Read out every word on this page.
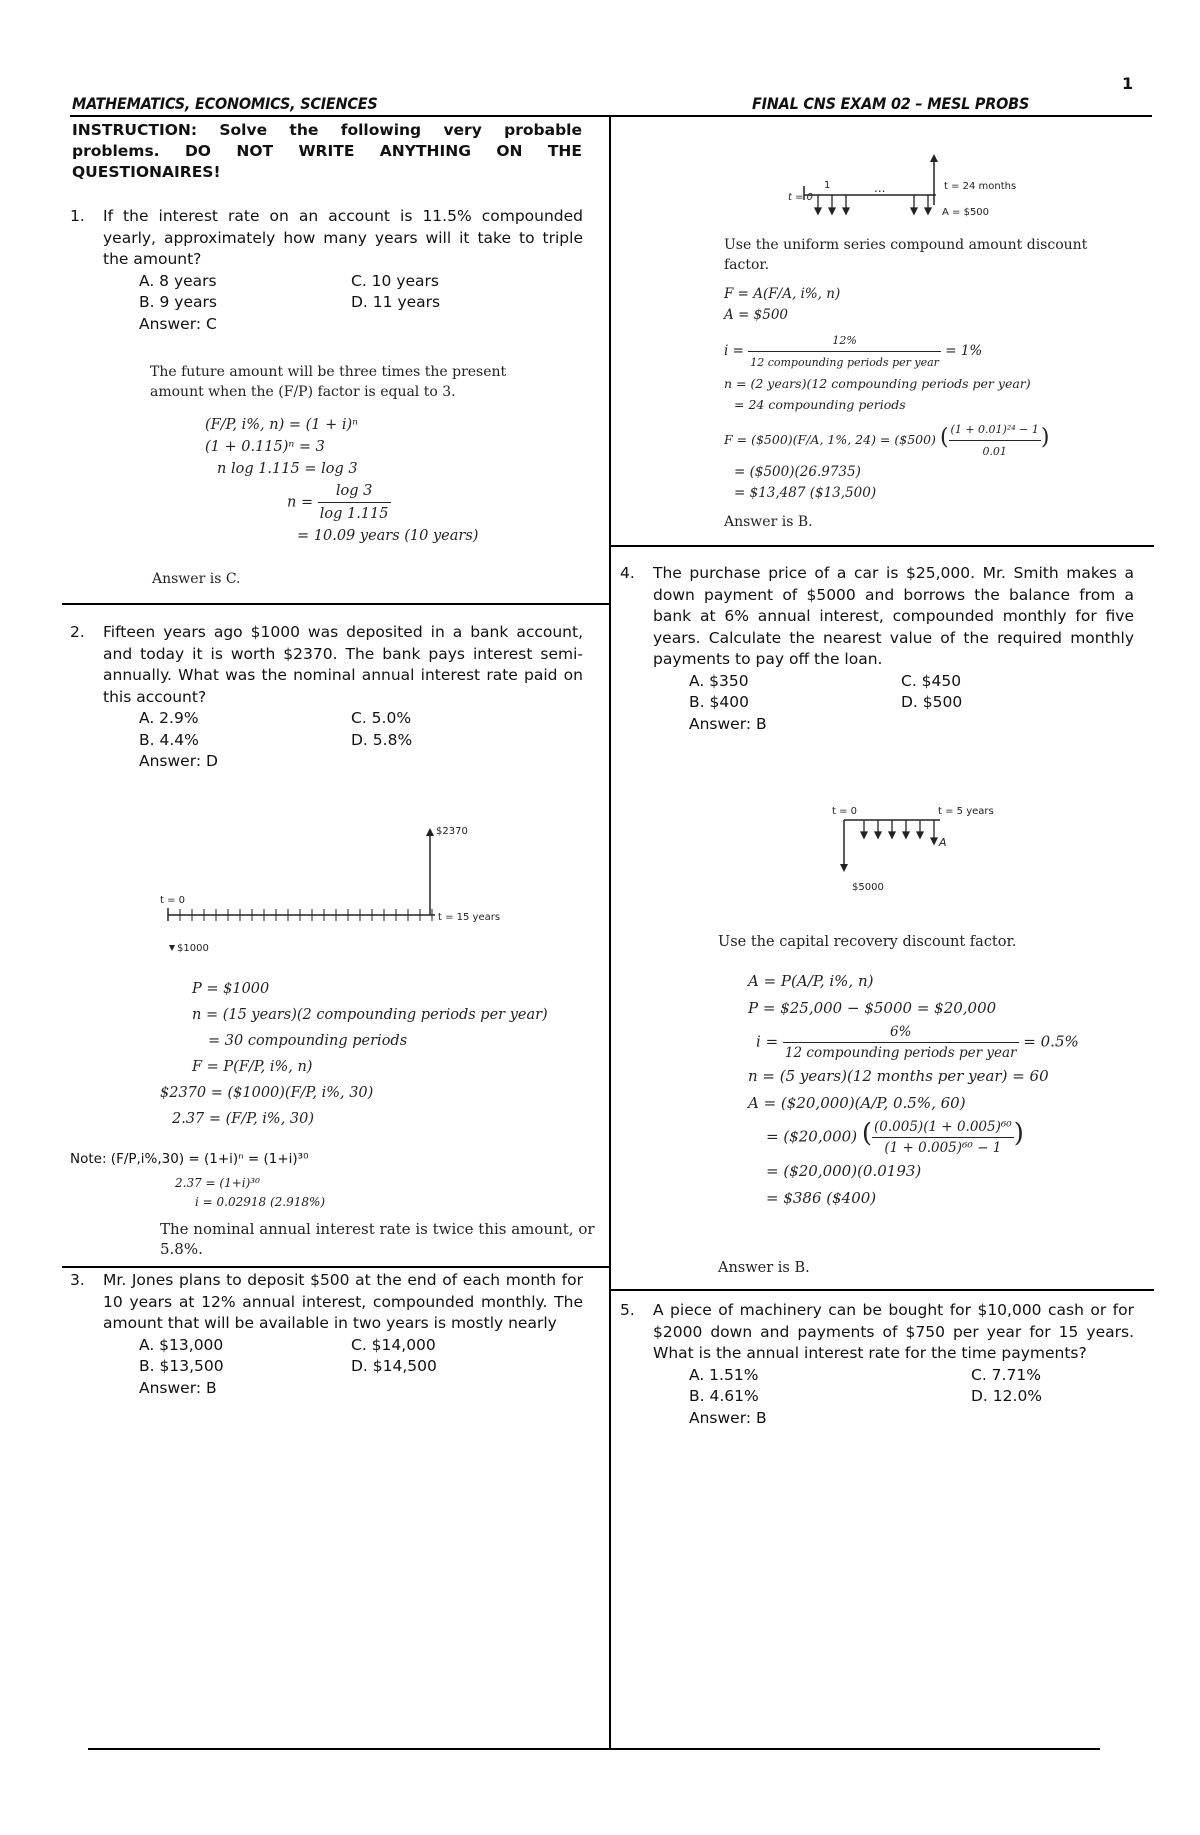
1
MATHEMATICS, ECONOMICS, SCIENCES	FINAL CNS EXAM 02 – MESL PROBS
INSTRUCTION: Solve the following very probable problems. DO NOT WRITE ANYTHING ON THE QUESTIONAIRES!
1. If the interest rate on an account is 11.5% compounded yearly, approximately how many years will it take to triple the amount?
A. 8 years	C. 10 years
B. 9 years	D. 11 years
Answer: C
The future amount will be three times the present amount when the (F/P) factor is equal to 3.
(F/P, i%, n) = (1 + i)ⁿ
(1 + 0.115)ⁿ = 3
n log 1.115 = log 3
$n = \frac{\log 3}{\log 1.115}$
= 10.09 years (10 years)
Answer is C.
2. Fifteen years ago $1000 was deposited in a bank account, and today it is worth $2370. The bank pays interest semi-annually. What was the nominal annual interest rate paid on this account?
A. 2.9%	C. 5.0%
B. 4.4%	D. 5.8%
Answer: D
$2370
t = 0
t = 15 years
$1000
P = $1000
n = (15 years)(2 compounding periods per year)
= 30 compounding periods
F = P(F/P, i%, n)
$2370 = ($1000)(F/P, i%, 30)
2.37 = (F/P, i%, 30)
Note: (F/P,i%,30) = (1+i)ⁿ = (1+i)³⁰
2.37 = (1+i)³⁰
i = 0.02918 (2.918%)
The nominal annual interest rate is twice this amount, or 5.8%.
3. Mr. Jones plans to deposit $500 at the end of each month for 10 years at 12% annual interest, compounded monthly. The amount that will be available in two years is mostly nearly
A. $13,000	C. $14,000
B. $13,500	D. $14,500
Answer: B
t = 0
1	...	t = 24 months
A = $500
Use the uniform series compound amount discount factor.
F = A(F/A, i%, n)
A = $500
$i = \frac{12\%}{\text{12 compounding periods per year}} = 1\%$
n = (2 years)(12 compounding periods per year)
= 24 compounding periods
F = ($500)(F/A, 1%, 24) = ($500) ( $\frac{\text{(1 + 0.01)²⁴ − 1}}{0.01}$ )
= ($500)(26.9735)
= $13,487 ($13,500)
Answer is B.
4. The purchase price of a car is $25,000. Mr. Smith makes a down payment of $5000 and borrows the balance from a bank at 6% annual interest, compounded monthly for five years. Calculate the nearest value of the required monthly payments to pay off the loan.
A. $350	C. $450
B. $400	D. $500
Answer: B
t = 0	t = 5 years
A
$5000
Use the capital recovery discount factor.
A = P(A/P, i%, n)
P = $25,000 − $5000 = $20,000
$i = \frac{6\%}{\text{12 compounding periods per year}} = 0.5\%$
n = (5 years)(12 months per year) = 60
A = ($20,000)(A/P, 0.5%, 60)
= ($20,000) ( $\frac{\text{(0.005)(1 + 0.005)⁶⁰}}{\text{(1 + 0.005)⁶⁰ − 1}}$ )
= ($20,000)(0.0193)
= $386 ($400)
Answer is B.
5. A piece of machinery can be bought for $10,000 cash or for $2000 down and payments of $750 per year for 15 years. What is the annual interest rate for the time payments?
A. 1.51%	C. 7.71%
B. 4.61%	D. 12.0%
Answer: B
